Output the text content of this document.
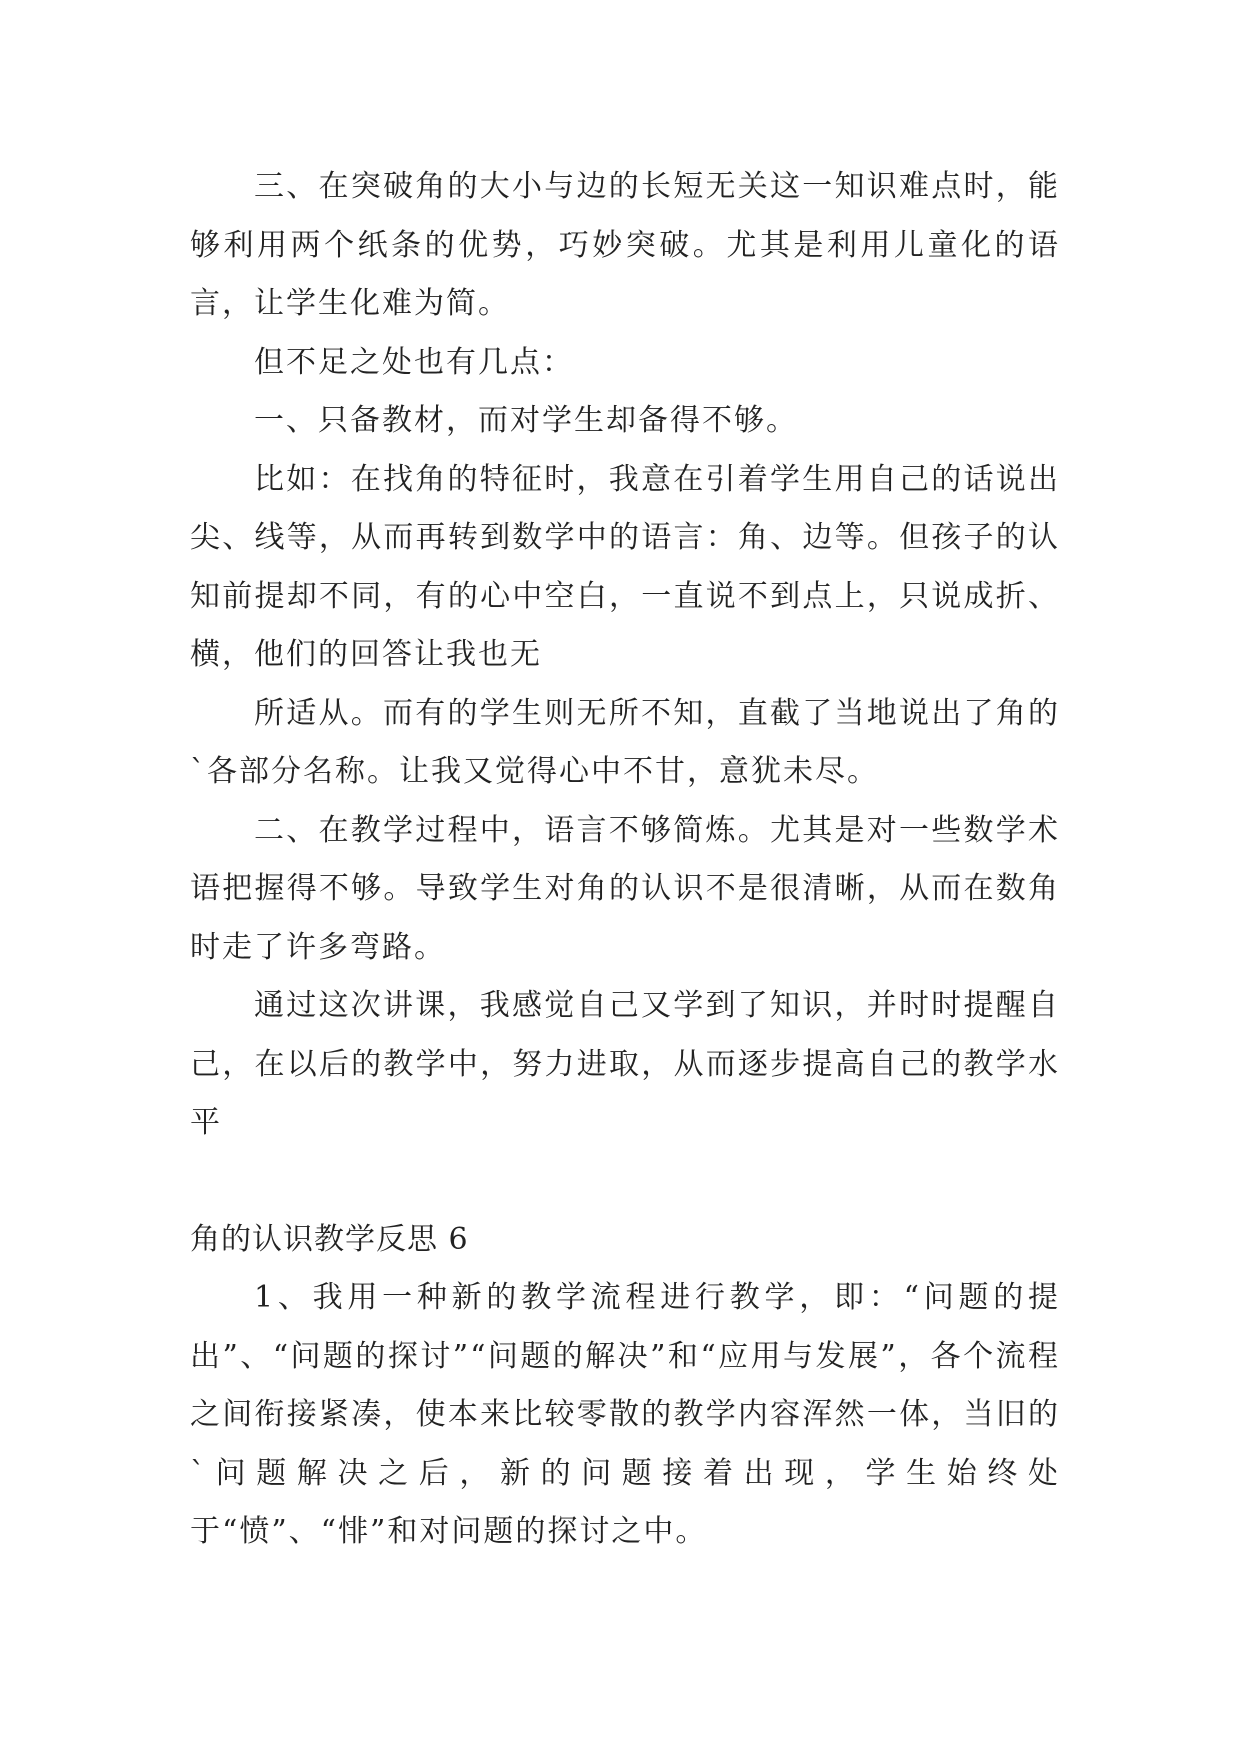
三、在突破角的大小与边的长短无关这一知识难点时，能够利用两个纸条的优势，巧妙突破。尤其是利用儿童化的语言，让学生化难为简。

但不足之处也有几点：

一、只备教材，而对学生却备得不够。

比如：在找角的特征时，我意在引着学生用自己的话说出尖、线等，从而再转到数学中的语言：角、边等。但孩子的认知前提却不同，有的心中空白，一直说不到点上，只说成折、横，他们的回答让我也无

所适从。而有的学生则无所不知，直截了当地说出了角的`各部分名称。让我又觉得心中不甘，意犹未尽。

二、在教学过程中，语言不够简炼。尤其是对一些数学术语把握得不够。导致学生对角的认识不是很清晰，从而在数角时走了许多弯路。

通过这次讲课，我感觉自己又学到了知识，并时时提醒自己，在以后的教学中，努力进取，从而逐步提高自己的教学水平

角的认识教学反思 6

1、我用一种新的教学流程进行教学，即：“问题的提出”、“问题的探讨”“问题的解决”和“应用与发展”，各个流程之间衔接紧凑，使本来比较零散的教学内容浑然一体，当旧的`问题解决之后，新的问题接着出现，学生始终处于“愤”、“悱”和对问题的探讨之中。
